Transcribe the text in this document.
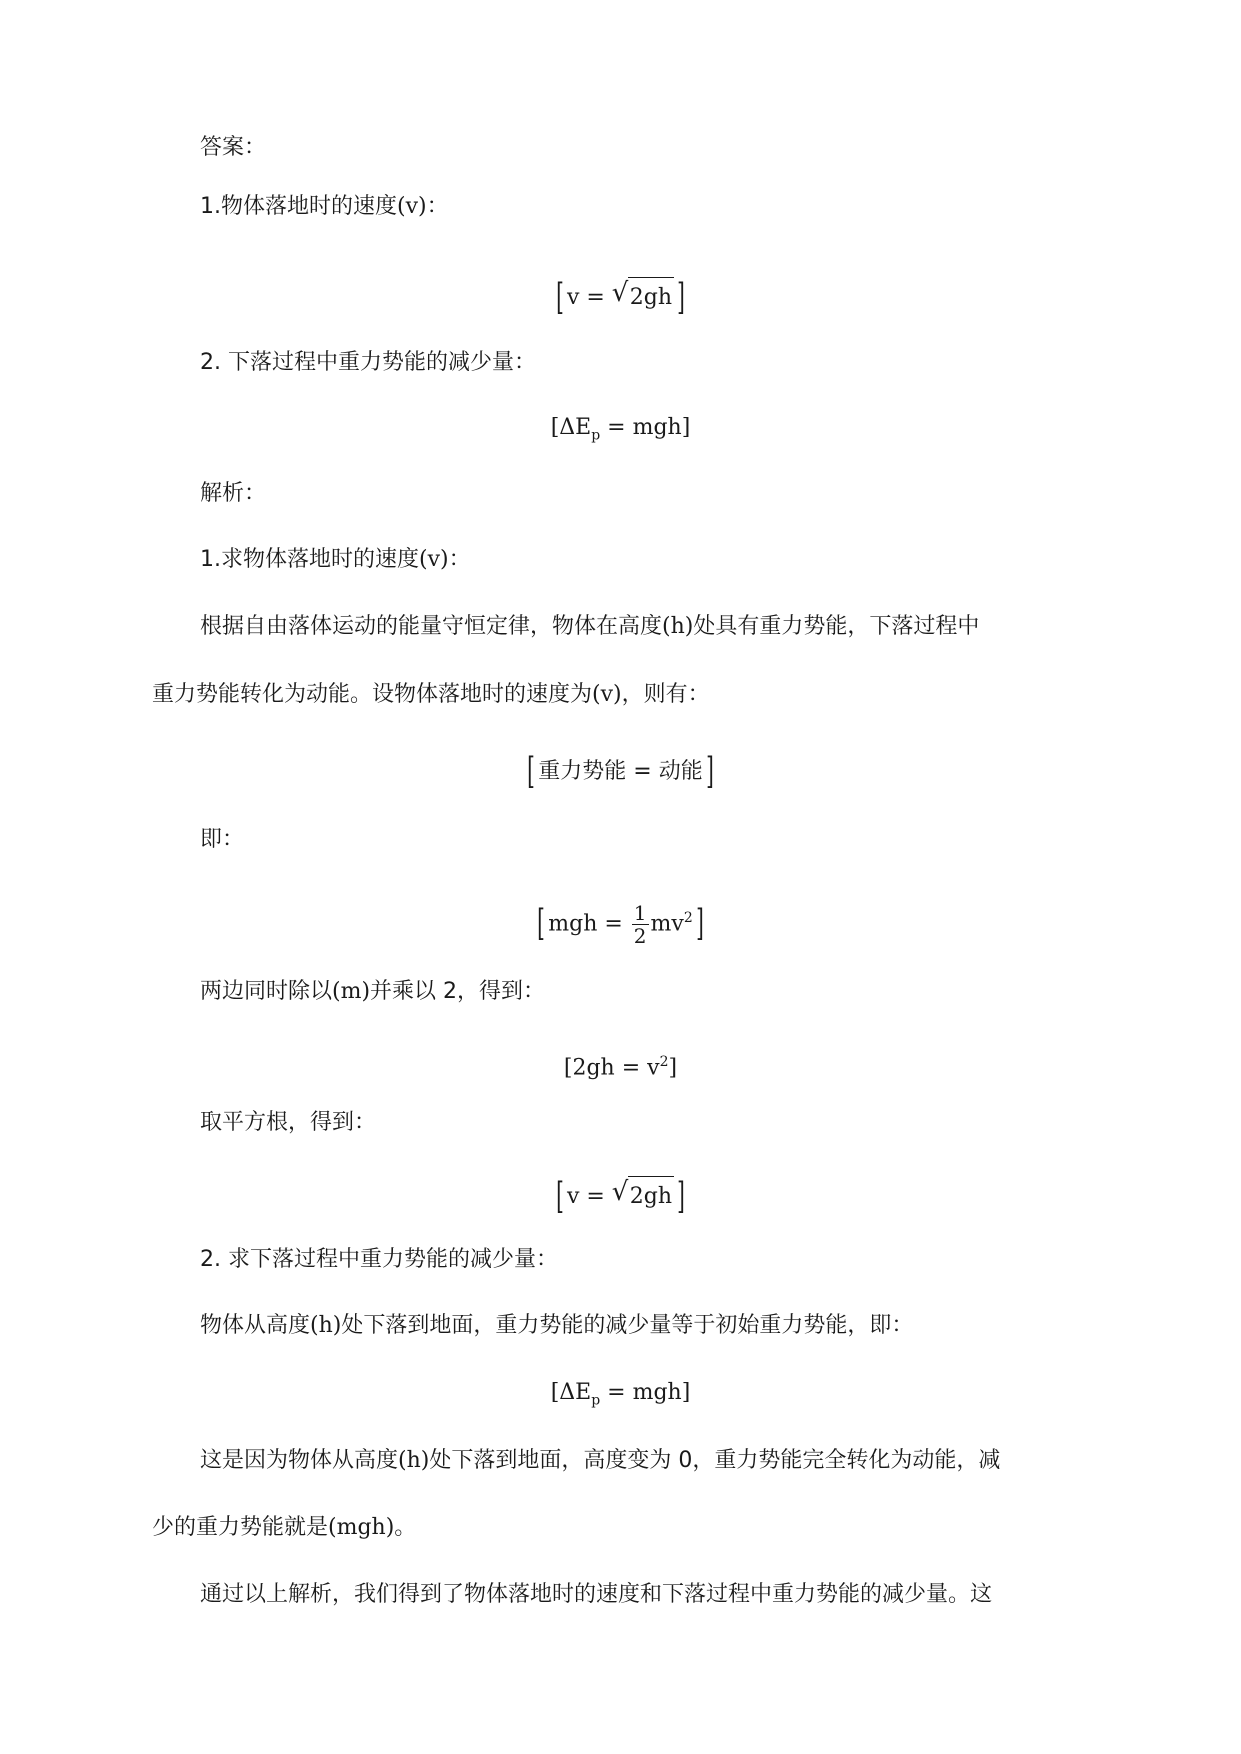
答案：
1.物体落地时的速度(v)：
[ v = √ 2gh ]
2. 下落过程中重力势能的减少量：
$[\Delta E_p = mgh]$
解析：
1.求物体落地时的速度(v)：
根据自由落体运动的能量守恒定律，物体在高度(h)处具有重力势能，下落过程中
重力势能转化为动能。设物体落地时的速度为(v)，则有：
[ 重力势能 = 动能]
即：
[ mgh = $\frac{1}{2} mv^2$]
两边同时除以(m)并乘以 2，得到：
$[2gh = v^2]$
取平方根，得到：
[ v = √ 2gh ]
2. 求下落过程中重力势能的减少量：
物体从高度(h)处下落到地面，重力势能的减少量等于初始重力势能，即：
$[\Delta E_p = mgh]$
这是因为物体从高度(h)处下落到地面，高度变为 0，重力势能完全转化为动能，减
少的重力势能就是(mgh)。
通过以上解析，我们得到了物体落地时的速度和下落过程中重力势能的减少量。这
